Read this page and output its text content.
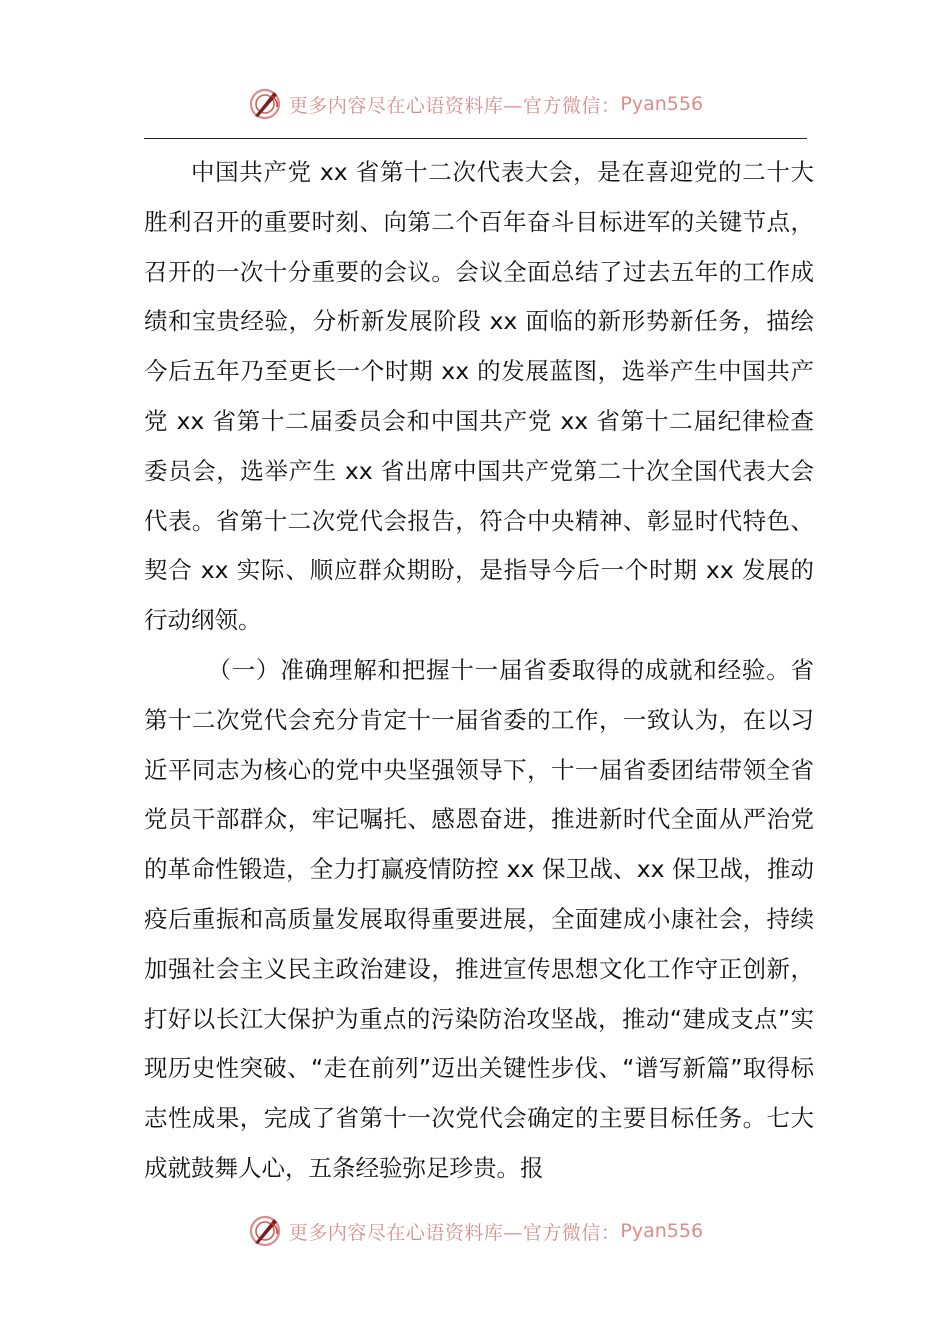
更多内容尽在心语资料库—官方微信： Pyan556

中国共产党 xx 省第十二次代表大会，是在喜迎党的二十大胜利召开的重要时刻、向第二个百年奋斗目标进军的关键节点，召开的一次十分重要的会议。会议全面总结了过去五年的工作成绩和宝贵经验，分析新发展阶段 xx 面临的新形势新任务，描绘今后五年乃至更长一个时期 xx 的发展蓝图，选举产生中国共产党 xx 省第十二届委员会和中国共产党 xx 省第十二届纪律检查委员会，选举产生 xx 省出席中国共产党第二十次全国代表大会代表。省第十二次党代会报告，符合中央精神、彰显时代特色、契合 xx 实际、顺应群众期盼，是指导今后一个时期 xx 发展的行动纲领。

（一）准确理解和把握十一届省委取得的成就和经验。省第十二次党代会充分肯定十一届省委的工作，一致认为，在以习近平同志为核心的党中央坚强领导下，十一届省委团结带领全省党员干部群众，牢记嘱托、感恩奋进，推进新时代全面从严治党的革命性锻造，全力打赢疫情防控 xx 保卫战、xx 保卫战，推动疫后重振和高质量发展取得重要进展，全面建成小康社会，持续加强社会主义民主政治建设，推进宣传思想文化工作守正创新，打好以长江大保护为重点的污染防治攻坚战，推动“建成支点”实现历史性突破、“走在前列”迈出关键性步伐、“谱写新篇”取得标志性成果，完成了省第十一次党代会确定的主要目标任务。七大成就鼓舞人心，五条经验弥足珍贵。报

更多内容尽在心语资料库—官方微信： Pyan556
